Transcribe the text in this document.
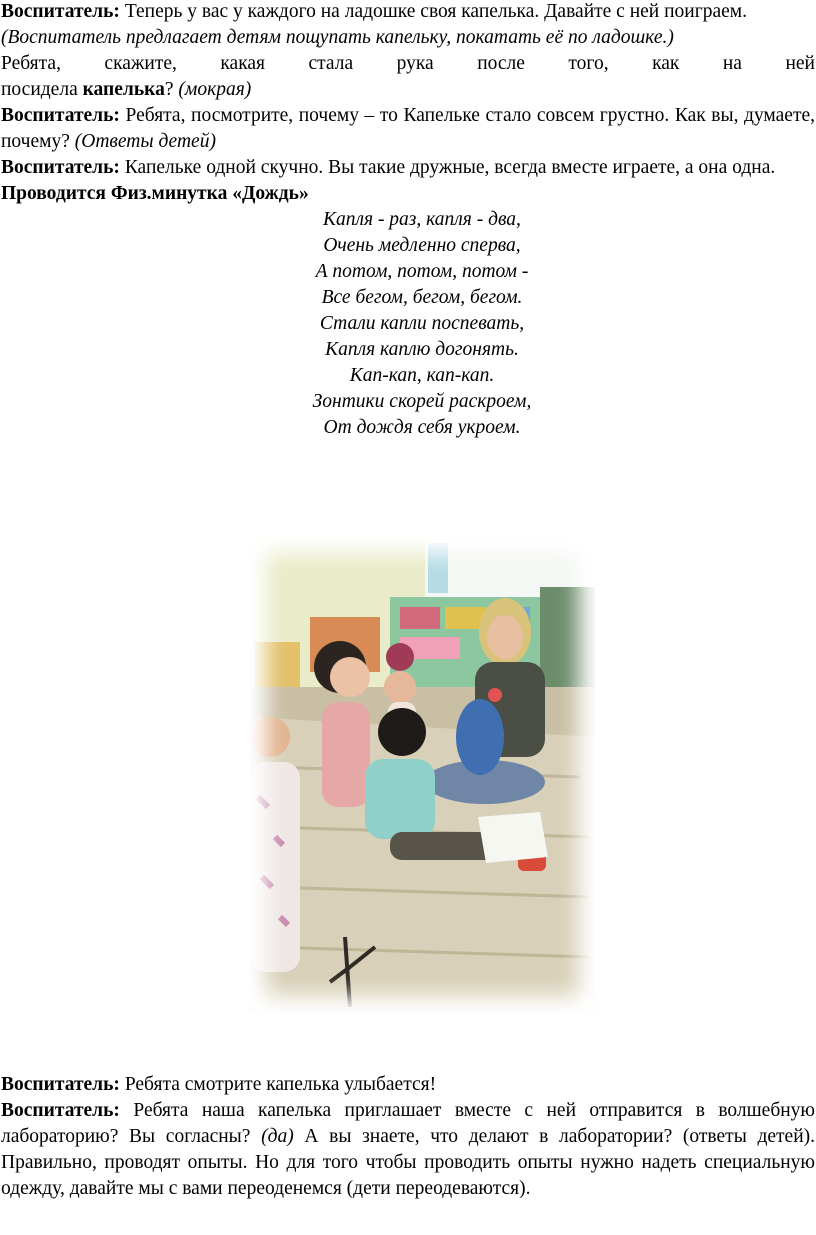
Воспитатель: Теперь у вас у каждого на ладошке своя капелька. Давайте с ней поиграем.

(Воспитатель предлагает детям пощупать капельку, покатать её по ладошке.)

Ребята, скажите, какая стала рука после того, как на ней

посидела капелька? (мокрая)

Воспитатель: Ребята, посмотрите, почему – то Капельке стало совсем грустно. Как вы, думаете, почему? (Ответы детей)

Воспитатель: Капельке одной скучно. Вы такие дружные, всегда вместе играете, а она одна.

Проводится Физ.минутка «Дождь»

Капля - раз, капля - два,
Очень медленно сперва,
А потом, потом, потом -
Все бегом, бегом, бегом.
Стали капли поспевать,
Капля каплю догонять.
Кап-кап, кап-кап.
Зонтики скорей раскроем,
От дождя себя укроем.

Воспитатель: Ребята смотрите капелька улыбается!

Воспитатель: Ребята наша капелька приглашает вместе с ней отправится в волшебную лабораторию? Вы согласны? (да) А вы знаете, что делают в лаборатории? (ответы детей). Правильно, проводят опыты. Но для того чтобы проводить опыты нужно надеть специальную одежду, давайте мы с вами переоденемся (дети переодеваются).
